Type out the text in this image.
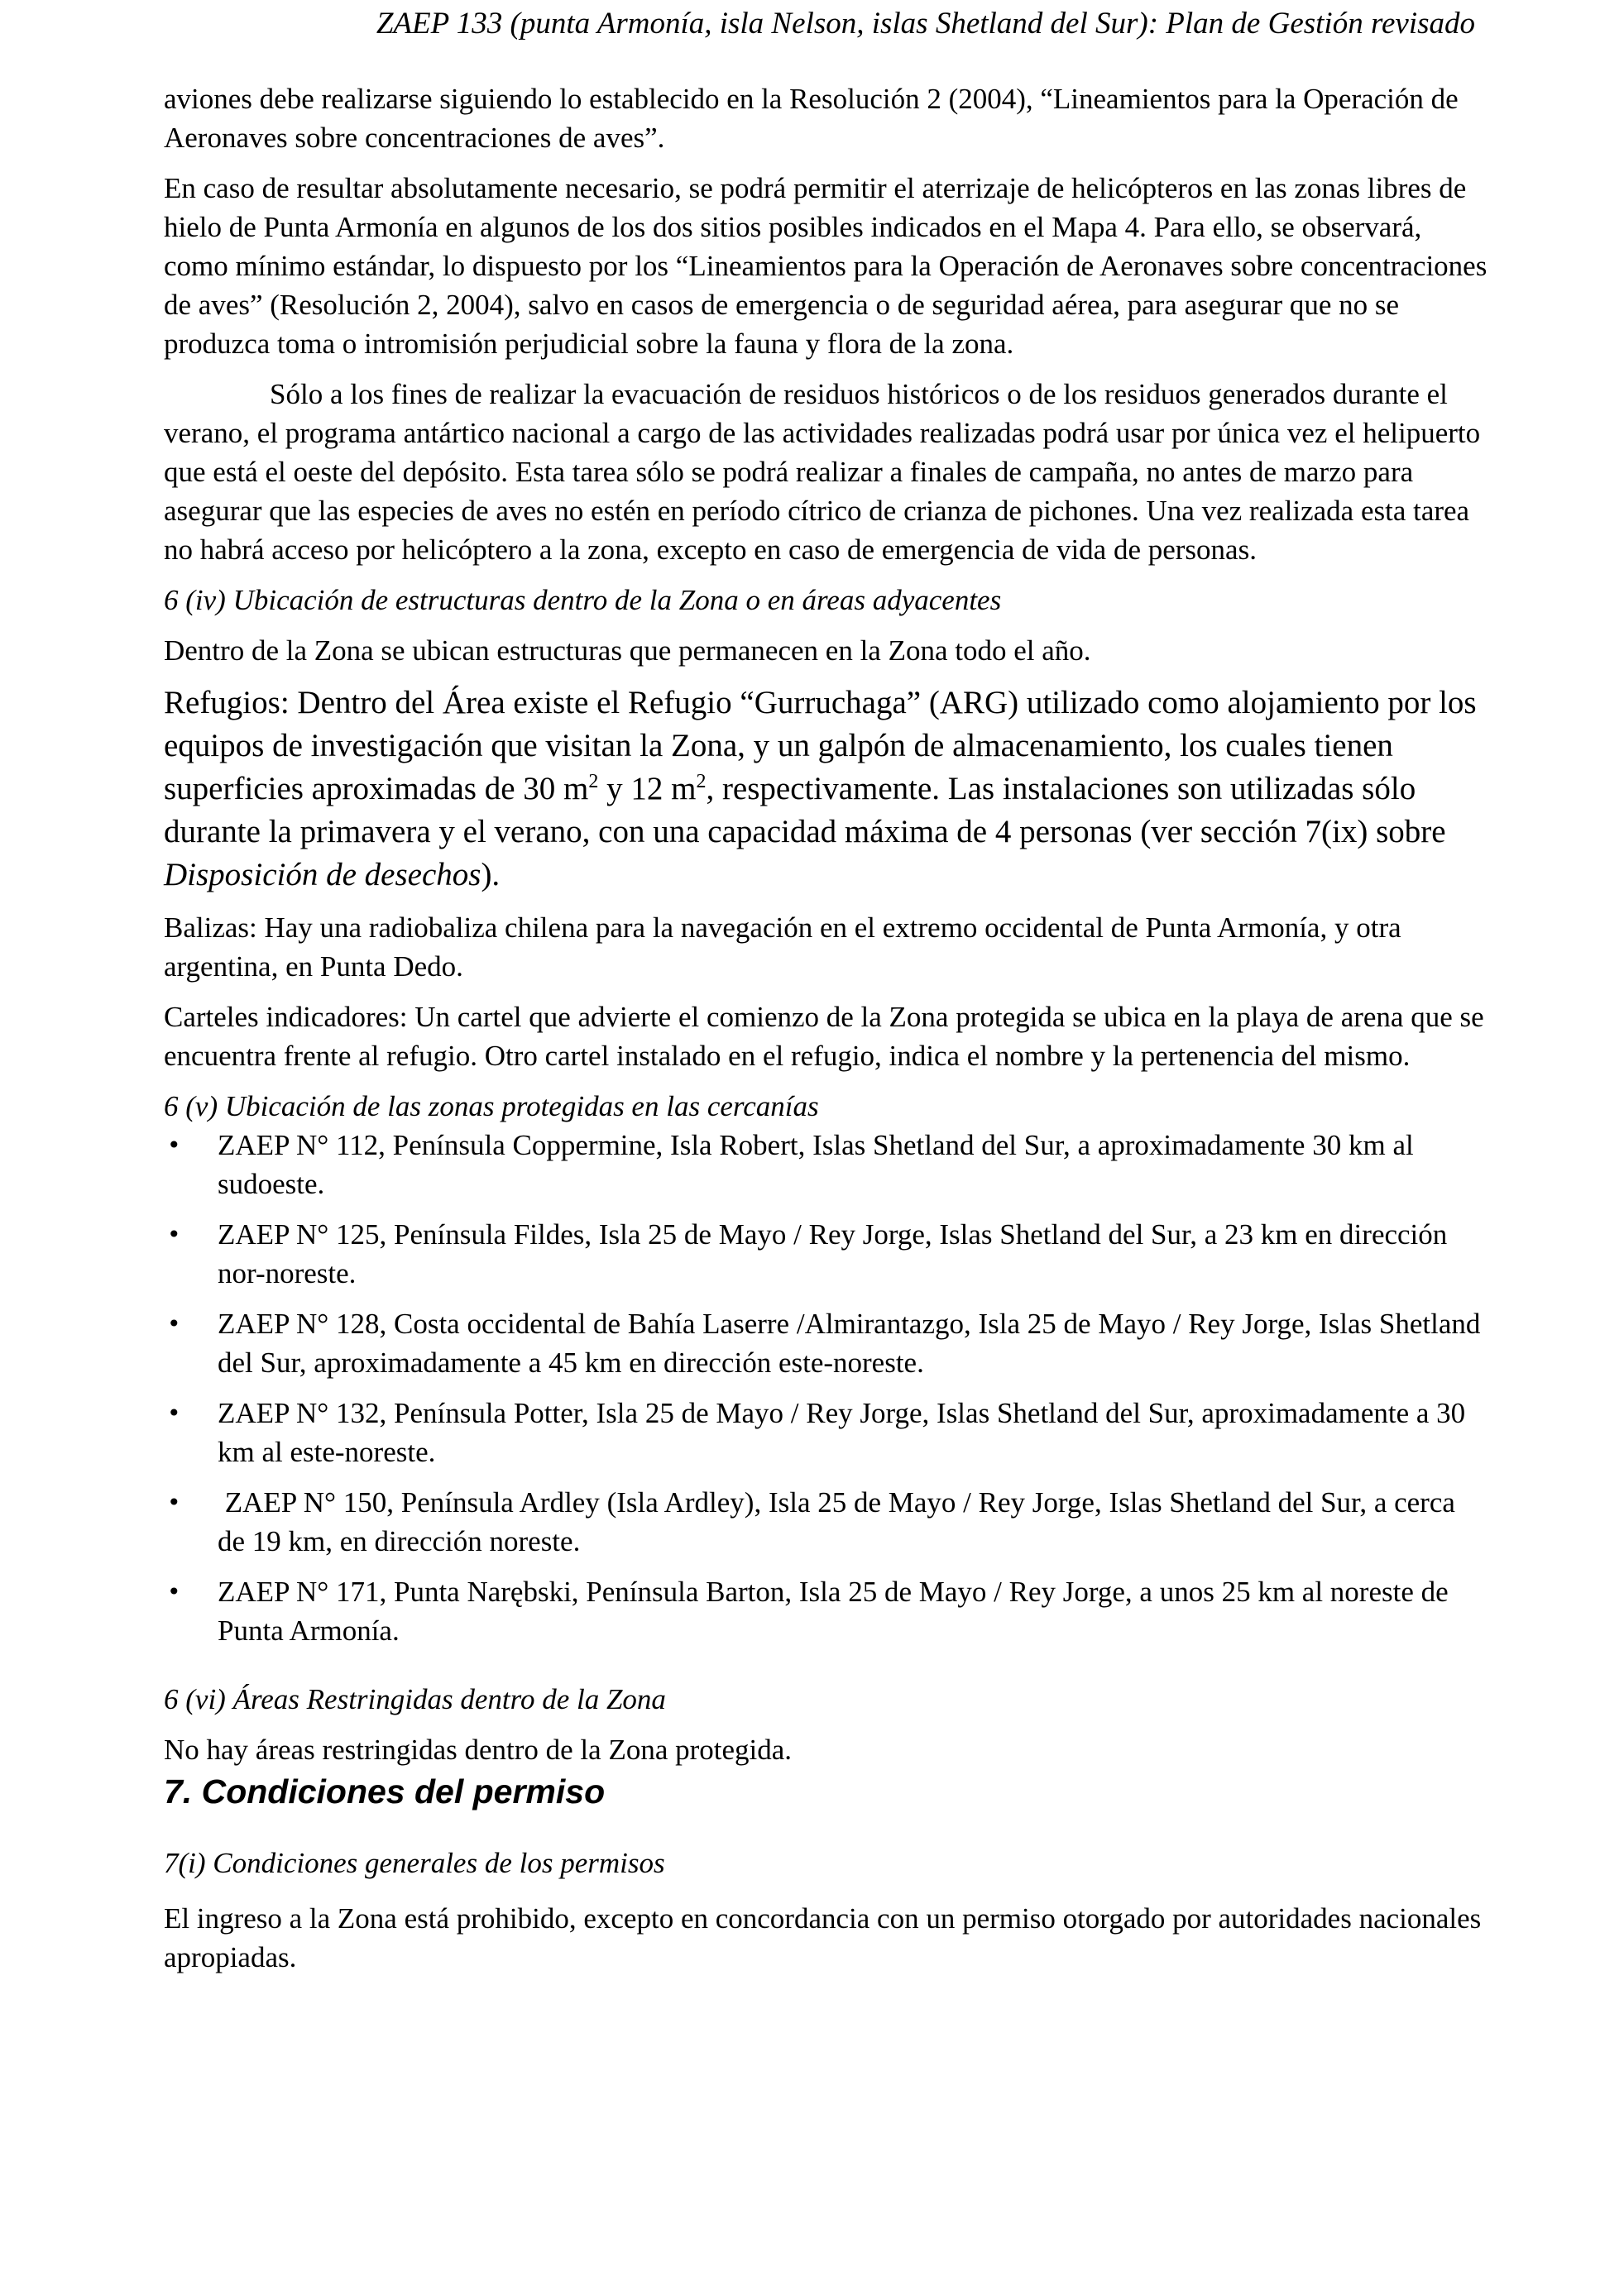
ZAEP 133 (punta Armonía, isla Nelson, islas Shetland del Sur): Plan de Gestión revisado

aviones debe realizarse siguiendo lo establecido en la Resolución 2 (2004), “Lineamientos para la Operación de Aeronaves sobre concentraciones de aves”.

En caso de resultar absolutamente necesario, se podrá permitir el aterrizaje de helicópteros en las zonas libres de hielo de Punta Armonía en algunos de los dos sitios posibles indicados en el Mapa 4. Para ello, se observará, como mínimo estándar, lo dispuesto por los “Lineamientos para la Operación de Aeronaves sobre concentraciones de aves” (Resolución 2, 2004), salvo en casos de emergencia o de seguridad aérea, para asegurar que no se produzca toma o intromisión perjudicial sobre la fauna y flora de la zona.

Sólo a los fines de realizar la evacuación de residuos históricos o de los residuos generados durante el verano, el programa antártico nacional a cargo de las actividades realizadas podrá usar por única vez el helipuerto que está el oeste del depósito. Esta tarea sólo se podrá realizar a finales de campaña, no antes de marzo para asegurar que las especies de aves no estén en período cítrico de crianza de pichones. Una vez realizada esta tarea no habrá acceso por helicóptero a la zona, excepto en caso de emergencia de vida de personas.

6 (iv) Ubicación de estructuras dentro de la Zona o en áreas adyacentes

Dentro de la Zona se ubican estructuras que permanecen en la Zona todo el año.

Refugios: Dentro del Área existe el Refugio “Gurruchaga” (ARG) utilizado como alojamiento por los equipos de investigación que visitan la Zona, y un galpón de almacenamiento, los cuales tienen superficies aproximadas de 30 $m^2$ y 12 $m^2$, respectivamente. Las instalaciones son utilizadas sólo durante la primavera y el verano, con una capacidad máxima de 4 personas (ver sección 7(ix) sobre Disposición de desechos).

Balizas: Hay una radiobaliza chilena para la navegación en el extremo occidental de Punta Armonía, y otra argentina, en Punta Dedo.

Carteles indicadores: Un cartel que advierte el comienzo de la Zona protegida se ubica en la playa de arena que se encuentra frente al refugio. Otro cartel instalado en el refugio, indica el nombre y la pertenencia del mismo.

6 (v) Ubicación de las zonas protegidas en las cercanías

• ZAEP N° 112, Península Coppermine, Isla Robert, Islas Shetland del Sur, a aproximadamente 30 km al sudoeste.
• ZAEP N° 125, Península Fildes, Isla 25 de Mayo / Rey Jorge, Islas Shetland del Sur, a 23 km en dirección nor-noreste.
• ZAEP N° 128, Costa occidental de Bahía Laserre /Almirantazgo, Isla 25 de Mayo / Rey Jorge, Islas Shetland del Sur, aproximadamente a 45 km en dirección este-noreste.
• ZAEP N° 132, Península Potter, Isla 25 de Mayo / Rey Jorge, Islas Shetland del Sur, aproximadamente a 30 km al este-noreste.
• ZAEP N° 150, Península Ardley (Isla Ardley), Isla 25 de Mayo / Rey Jorge, Islas Shetland del Sur, a cerca de 19 km, en dirección noreste.
• ZAEP N° 171, Punta Narębski, Península Barton, Isla 25 de Mayo / Rey Jorge, a unos 25 km al noreste de Punta Armonía.

6 (vi) Áreas Restringidas dentro de la Zona

No hay áreas restringidas dentro de la Zona protegida.

7. Condiciones del permiso

7(i) Condiciones generales de los permisos

El ingreso a la Zona está prohibido, excepto en concordancia con un permiso otorgado por autoridades nacionales apropiadas.
